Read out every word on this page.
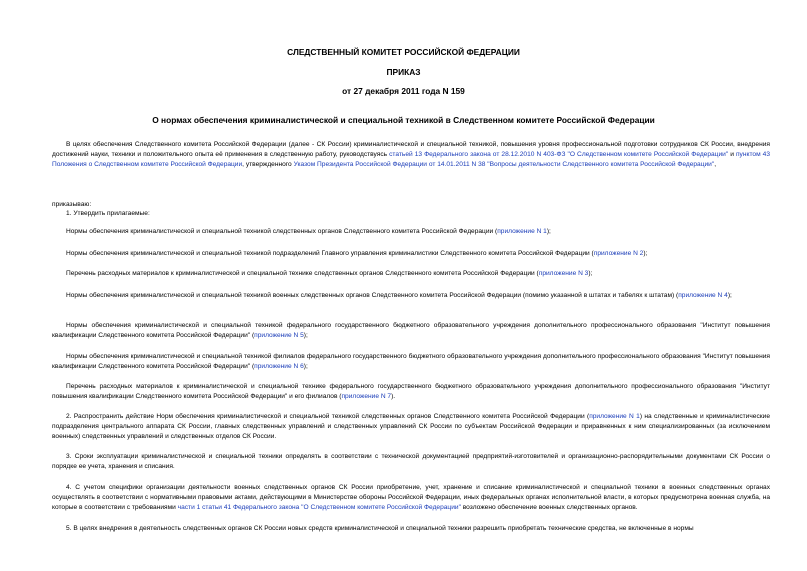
СЛЕДСТВЕННЫЙ КОМИТЕТ РОССИЙСКОЙ ФЕДЕРАЦИИ
ПРИКАЗ
от 27 декабря 2011 года N 159
О нормах обеспечения криминалистической и специальной техникой в Следственном комитете Российской Федерации

В целях обеспечения Следственного комитета Российской Федерации (далее - СК России) криминалистической и специальной техникой, повышения уровня профессиональной подготовки сотрудников СК России, внедрения достижений науки, техники и положительного опыта её применения в следственную работу, руководствуясь статьей 13 Федерального закона от 28.12.2010 N 403-ФЗ "О Следственном комитете Российской Федерации" и пунктом 43 Положения о Следственном комитете Российской Федерации, утвержденного Указом Президента Российской Федерации от 14.01.2011 N 38 "Вопросы деятельности Следственного комитета Российской Федерации",

приказываю:

1. Утвердить прилагаемые:

Нормы обеспечения криминалистической и специальной техникой следственных органов Следственного комитета Российской Федерации (приложение N 1);

Нормы обеспечения криминалистической и специальной техникой подразделений Главного управления криминалистики Следственного комитета Российской Федерации (приложение N 2);

Перечень расходных материалов к криминалистической и специальной технике следственных органов Следственного комитета Российской Федерации (приложение N 3);

Нормы обеспечения криминалистической и специальной техникой военных следственных органов Следственного комитета Российской Федерации (помимо указанной в штатах и табелях к штатам) (приложение N 4);

Нормы обеспечения криминалистической и специальной техникой федерального государственного бюджетного образовательного учреждения дополнительного профессионального образования "Институт повышения квалификации Следственного комитета Российской Федерации" (приложение N 5);

Нормы обеспечения криминалистической и специальной техникой филиалов федерального государственного бюджетного образовательного учреждения дополнительного профессионального образования "Институт повышения квалификации Следственного комитета Российской Федерации" (приложение N 6);

Перечень расходных материалов к криминалистической и специальной технике федерального государственного бюджетного образовательного учреждения дополнительного профессионального образования "Институт повышения квалификации Следственного комитета Российской Федерации" и его филиалов (приложение N 7).

2. Распространить действие Норм обеспечения криминалистической и специальной техникой следственных органов Следственного комитета Российской Федерации (приложение N 1) на следственные и криминалистические подразделения центрального аппарата СК России, главных следственных управлений и следственных управлений СК России по субъектам Российской Федерации и приравненных к ним специализированных (за исключением военных) следственных управлений и следственных отделов СК России.

3. Сроки эксплуатации криминалистической и специальной техники определять в соответствии с технической документацией предприятий-изготовителей и организационно-распорядительными документами СК России о порядке ее учета, хранения и списания.

4. С учетом специфики организации деятельности военных следственных органов СК России приобретение, учет, хранение и списание криминалистической и специальной техники в военных следственных органах осуществлять в соответствии с нормативными правовыми актами, действующими в Министерстве обороны Российской Федерации, иных федеральных органах исполнительной власти, в которых предусмотрена военная служба, на которые в соответствии с требованиями части 1 статьи 41 Федерального закона "О Следственном комитете Российской Федерации" возложено обеспечение военных следственных органов.

5. В целях внедрения в деятельность следственных органов СК России новых средств криминалистической и специальной техники разрешить приобретать технические средства, не включенные в нормы
